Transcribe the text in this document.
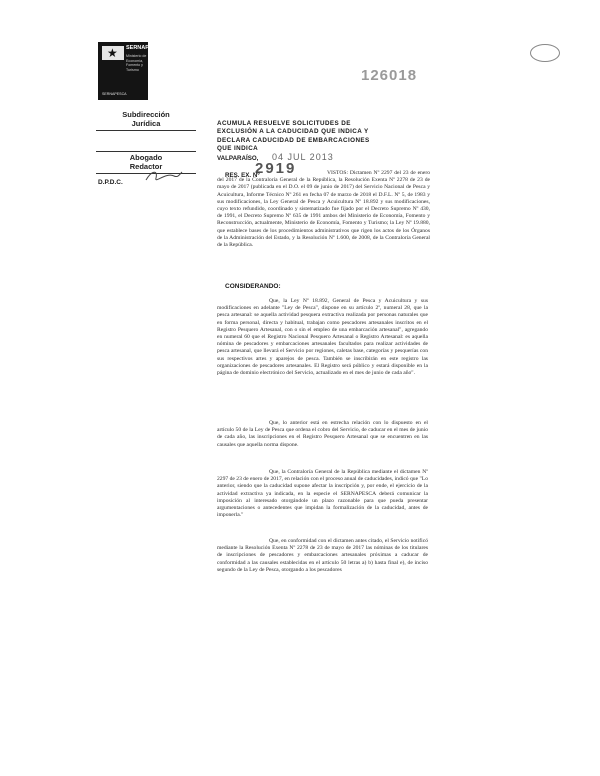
★ SERNAPESCA
Ministerio de Economía, Fomento y Turismo
SERNAPESCA
Subdirección
Jurídica
Abogado
Redactor
D.P.D.C.
126018
ACUMULA RESUELVE SOLICITUDES DE EXCLUSIÓN A LA CADUCIDAD QUE INDICA Y DECLARA CADUCIDAD DE EMBARCACIONES QUE INDICA
VALPARAÍSO, 04 JUL 2013
2919
RES. EX. Nº	VISTOS: Dictamen Nº 2297 del 23 de enero del 2017 de la Contraloría General de la República, la Resolución Exenta Nº 2278 de 23 de mayo de 2017 (publicada en el D.O. el 09 de junio de 2017) del Servicio Nacional de Pesca y Acuicultura, Informe Técnico Nº 261 en fecha 07 de marzo de 2018 el D.F.L. Nº 5, de 1983 y sus modificaciones, la Ley General de Pesca y Acuicultura Nº 18.892 y sus modificaciones, cuyo texto refundido, coordinado y sistematizado fue fijado por el Decreto Supremo Nº 430, de 1991, el Decreto Supremo Nº 635 de 1991 ambos del Ministerio de Economía, Fomento y Reconstrucción, actualmente, Ministerio de Economía, Fomento y Turismo; la Ley Nº 19.880, que establece bases de los procedimientos administrativos que rigen los actos de los Órganos de la Administración del Estado, y la Resolución Nº 1.600, de 2008, de la Contraloría General de la República.
CONSIDERANDO:
Que, la Ley Nº 18.892, General de Pesca y Acuicultura y sus modificaciones en adelante "Ley de Pesca", dispone en su artículo 2º, numeral 28, que la pesca artesanal: se aquella actividad pesquera extractiva realizada por personas naturales que en forma personal, directa y habitual, trabajan como pescadores artesanales inscritos en el Registro Pesquero Artesanal, con o sin el empleo de una embarcación artesanal", agregando en numeral 60 que el Registro Nacional Pesquero Artesanal o Registro Artesanal: es aquella nómina de pescadores y embarcaciones artesanales facultados para realizar actividades de pesca artesanal, que llevará el Servicio por regiones, caletas base, categorías y pesquerías con sus respectivos artes y aparejos de pesca. También se inscribirán en este registro las organizaciones de pescadores artesanales. El Registro será público y estará disponible en la página de dominio electrónico del Servicio, actualizado en el mes de junio de cada año".
Que, lo anterior está en estrecha relación con lo dispuesto en el artículo 50 de la Ley de Pesca que ordena el cobro del Servicio, de caducar en el mes de junio de cada año, las inscripciones en el Registro Pesquero Artesanal que se encuentren en las causales que aquella norma dispone.
Que, la Contraloría General de la República mediante el dictamen Nº 2297 de 23 de enero de 2017, en relación con el proceso anual de caducidades, indicó que "Lo anterior, siendo que la caducidad supone afectar la inscripción y, por ende, el ejercicio de la actividad extractiva ya indicada, en la especie el SERNAPESCA deberá comunicar la imposición al interesado otorgándole un plazo razonable para que pueda presentar argumentaciones o antecedentes que impidan la formalización de la caducidad, antes de imponerla."
Que, en conformidad con el dictamen antes citado, el Servicio notificó mediante la Resolución Exenta Nº 2278 de 23 de mayo de 2017 las nóminas de los titulares de inscripciones de pescadores y embarcaciones artesanales próximas a caducar de conformidad a las causales establecidas en el artículo 50 letras a) b) hasta final e), de inciso segundo de la Ley de Pesca, otorgando a los pescadores
